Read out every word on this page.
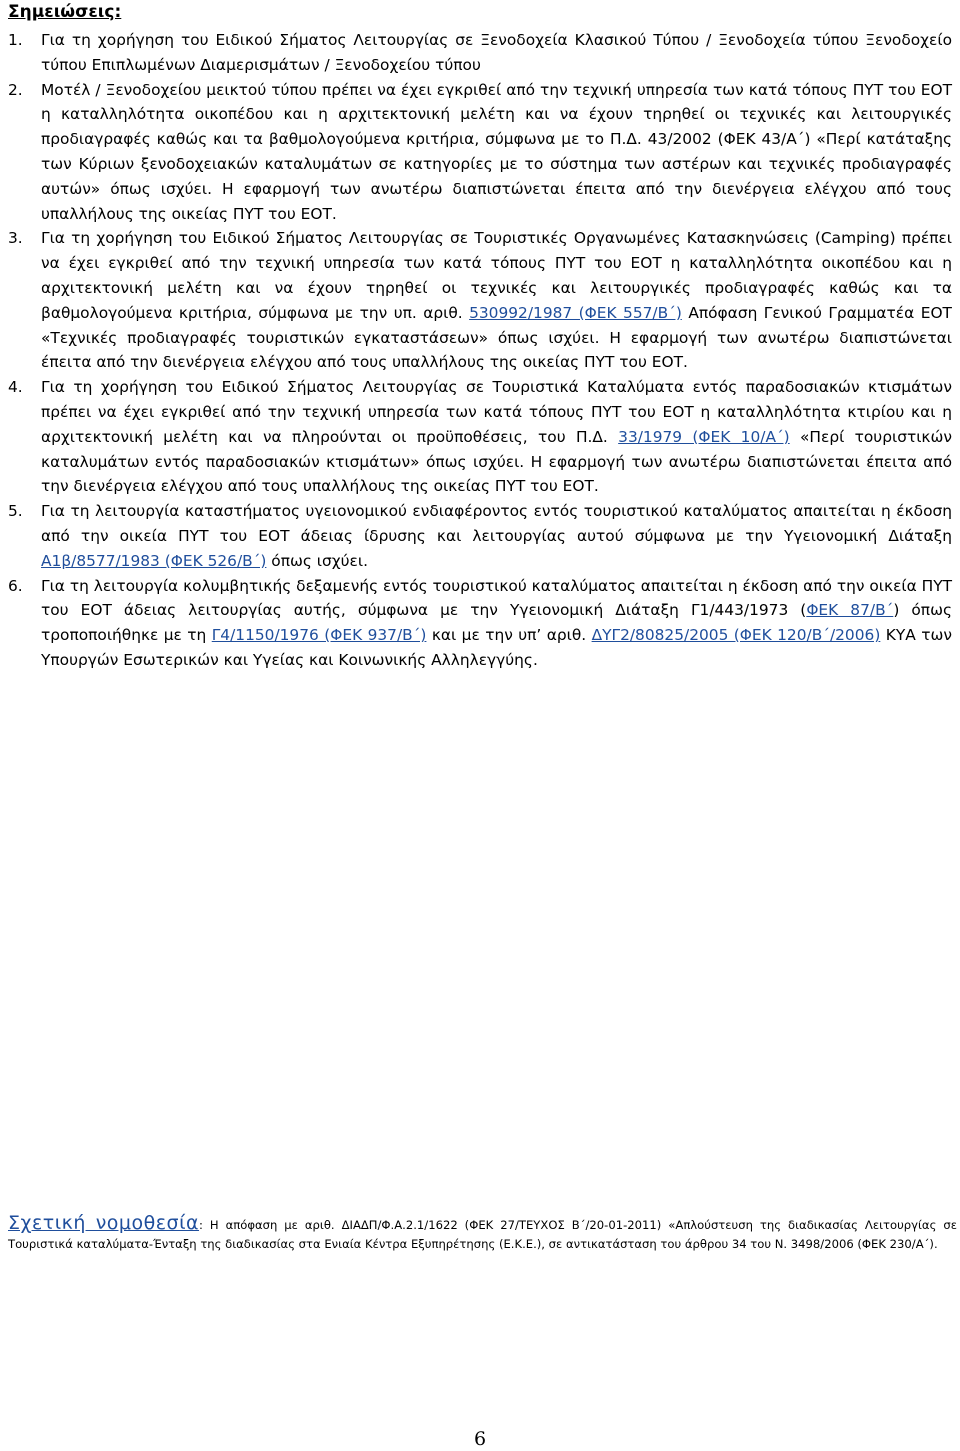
Σημειώσεις:
1. Για τη χορήγηση του Ειδικού Σήματος Λειτουργίας σε Ξενοδοχεία Κλασικού Τύπου / Ξενοδοχεία τύπου Ξενοδοχείο τύπου Επιπλωμένων Διαμερισμάτων / Ξενοδοχείου τύπου
2. Μοτέλ / Ξενοδοχείου μεικτού τύπου πρέπει να έχει εγκριθεί από την τεχνική υπηρεσία των κατά τόπους ΠΥΤ του ΕΟΤ η καταλληλότητα οικοπέδου και η αρχιτεκτονική μελέτη και να έχουν τηρηθεί οι τεχνικές και λειτουργικές προδιαγραφές καθώς και τα βαθμολογούμενα κριτήρια, σύμφωνα με το Π.Δ. 43/2002 (ΦΕΚ 43/Α΄) «Περί κατάταξης των Κύριων ξενοδοχειακών καταλυμάτων σε κατηγορίες με το σύστημα των αστέρων και τεχνικές προδιαγραφές αυτών» όπως ισχύει. Η εφαρμογή των ανωτέρω διαπιστώνεται έπειτα από την διενέργεια ελέγχου από τους υπαλλήλους της οικείας ΠΥΤ του ΕΟΤ.
3. Για τη χορήγηση του Ειδικού Σήματος Λειτουργίας σε Τουριστικές Οργανωμένες Κατασκηνώσεις (Camping) πρέπει να έχει εγκριθεί από την τεχνική υπηρεσία των κατά τόπους ΠΥΤ του ΕΟΤ η καταλληλότητα οικοπέδου και η αρχιτεκτονική μελέτη και να έχουν τηρηθεί οι τεχνικές και λειτουργικές προδιαγραφές καθώς και τα βαθμολογούμενα κριτήρια, σύμφωνα με την υπ. αριθ. 530992/1987 (ΦΕΚ 557/Β΄) Απόφαση Γενικού Γραμματέα ΕΟΤ «Τεχνικές προδιαγραφές τουριστικών εγκαταστάσεων» όπως ισχύει. Η εφαρμογή των ανωτέρω διαπιστώνεται έπειτα από την διενέργεια ελέγχου από τους υπαλλήλους της οικείας ΠΥΤ του ΕΟΤ.
4. Για τη χορήγηση του Ειδικού Σήματος Λειτουργίας σε Τουριστικά Καταλύματα εντός παραδοσιακών κτισμάτων πρέπει να έχει εγκριθεί από την τεχνική υπηρεσία των κατά τόπους ΠΥΤ του ΕΟΤ η καταλληλότητα κτιρίου και η αρχιτεκτονική μελέτη και να πληρούνται οι προϋποθέσεις, του Π.Δ. 33/1979 (ΦΕΚ 10/Α΄) «Περί τουριστικών καταλυμάτων εντός παραδοσιακών κτισμάτων» όπως ισχύει. Η εφαρμογή των ανωτέρω διαπιστώνεται έπειτα από την διενέργεια ελέγχου από τους υπαλλήλους της οικείας ΠΥΤ του ΕΟΤ.
5. Για τη λειτουργία καταστήματος υγειονομικού ενδιαφέροντος εντός τουριστικού καταλύματος απαιτείται η έκδοση από την οικεία ΠΥΤ του ΕΟΤ άδειας ίδρυσης και λειτουργίας αυτού σύμφωνα με την Υγειονομική Διάταξη Α1β/8577/1983 (ΦΕΚ 526/Β΄) όπως ισχύει.
6. Για τη λειτουργία κολυμβητικής δεξαμενής εντός τουριστικού καταλύματος απαιτείται η έκδοση από την οικεία ΠΥΤ του ΕΟΤ άδειας λειτουργίας αυτής, σύμφωνα με την Υγειονομική Διάταξη Γ1/443/1973 (ΦΕΚ 87/Β΄) όπως τροποποιήθηκε με τη Γ4/1150/1976 (ΦΕΚ 937/Β΄) και με την υπ’ αριθ. ΔΥΓ2/80825/2005 (ΦΕΚ 120/Β΄/2006) ΚΥΑ των Υπουργών Εσωτερικών και Υγείας και Κοινωνικής Αλληλεγγύης.
Σχετική νομοθεσία: Η απόφαση με αριθ. ΔΙΑΔΠ/Φ.Α.2.1/1622 (ΦΕΚ 27/ΤΕΥΧΟΣ Β΄/20-01-2011) «Απλούστευση της διαδικασίας Λειτουργίας σε Τουριστικά καταλύματα-Ένταξη της διαδικασίας στα Ενιαία Κέντρα Εξυπηρέτησης (Ε.Κ.Ε.), σε αντικατάσταση του άρθρου 34 του Ν. 3498/2006 (ΦΕΚ 230/Α΄).
6
